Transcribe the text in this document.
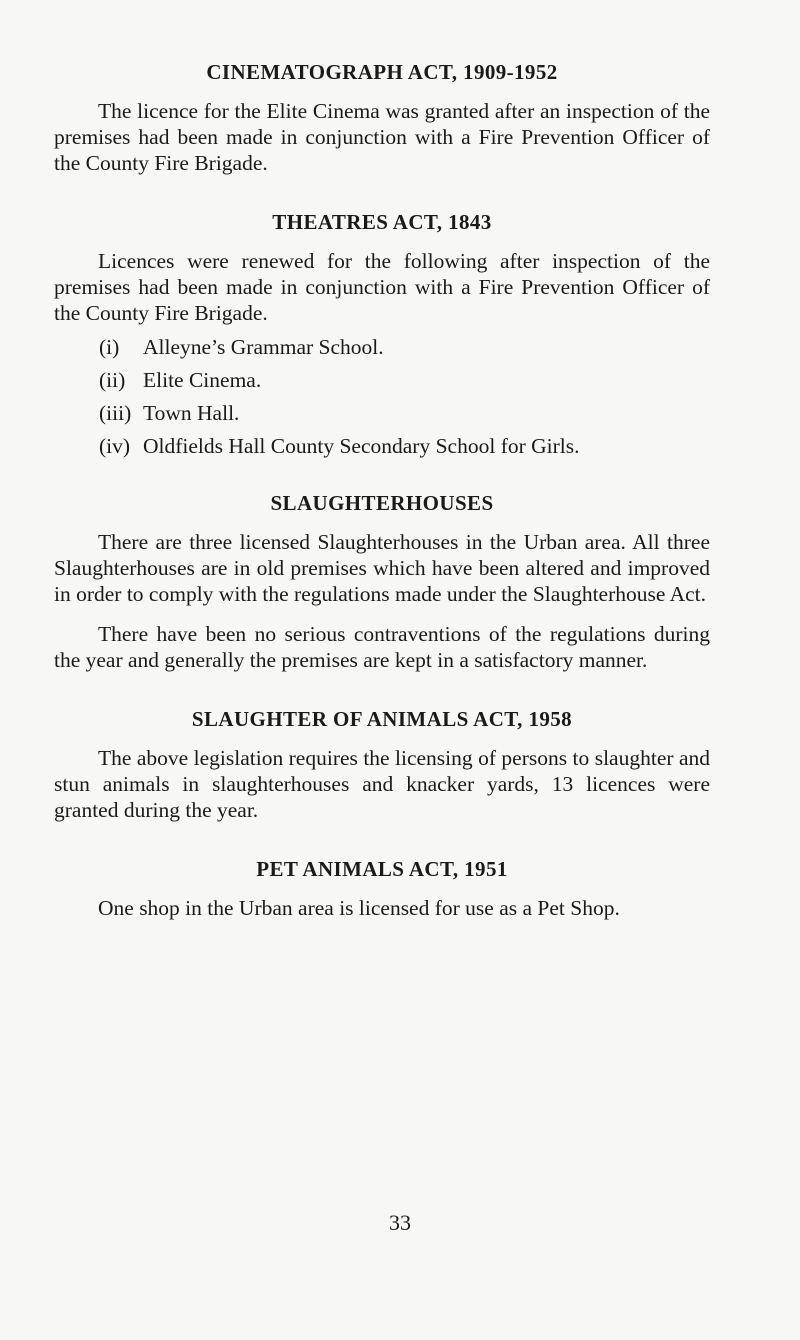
CINEMATOGRAPH ACT, 1909-1952

The licence for the Elite Cinema was granted after an inspection of the premises had been made in conjunction with a Fire Prevention Officer of the County Fire Brigade.

THEATRES ACT, 1843

Licences were renewed for the following after inspection of the premises had been made in conjunction with a Fire Prevention Officer of the County Fire Brigade.

(i)	Alleyne’s Grammar School.
(ii) Elite Cinema.
(iii) Town Hall.
(iv) Oldfields Hall County Secondary School for Girls.
SLAUGHTERHOUSES

There are three licensed Slaughterhouses in the Urban area. All three Slaughterhouses are in old premises which have been altered and improved in order to comply with the regulations made under the Slaughterhouse Act.

There have been no serious contraventions of the regulations during the year and generally the premises are kept in a satisfactory manner.

SLAUGHTER OF ANIMALS ACT, 1958

The above legislation requires the licensing of persons to slaughter and stun animals in slaughterhouses and knacker yards, 13 licences were granted during the year.

PET ANIMALS ACT, 1951

One shop in the Urban area is licensed for use as a Pet Shop.

33
